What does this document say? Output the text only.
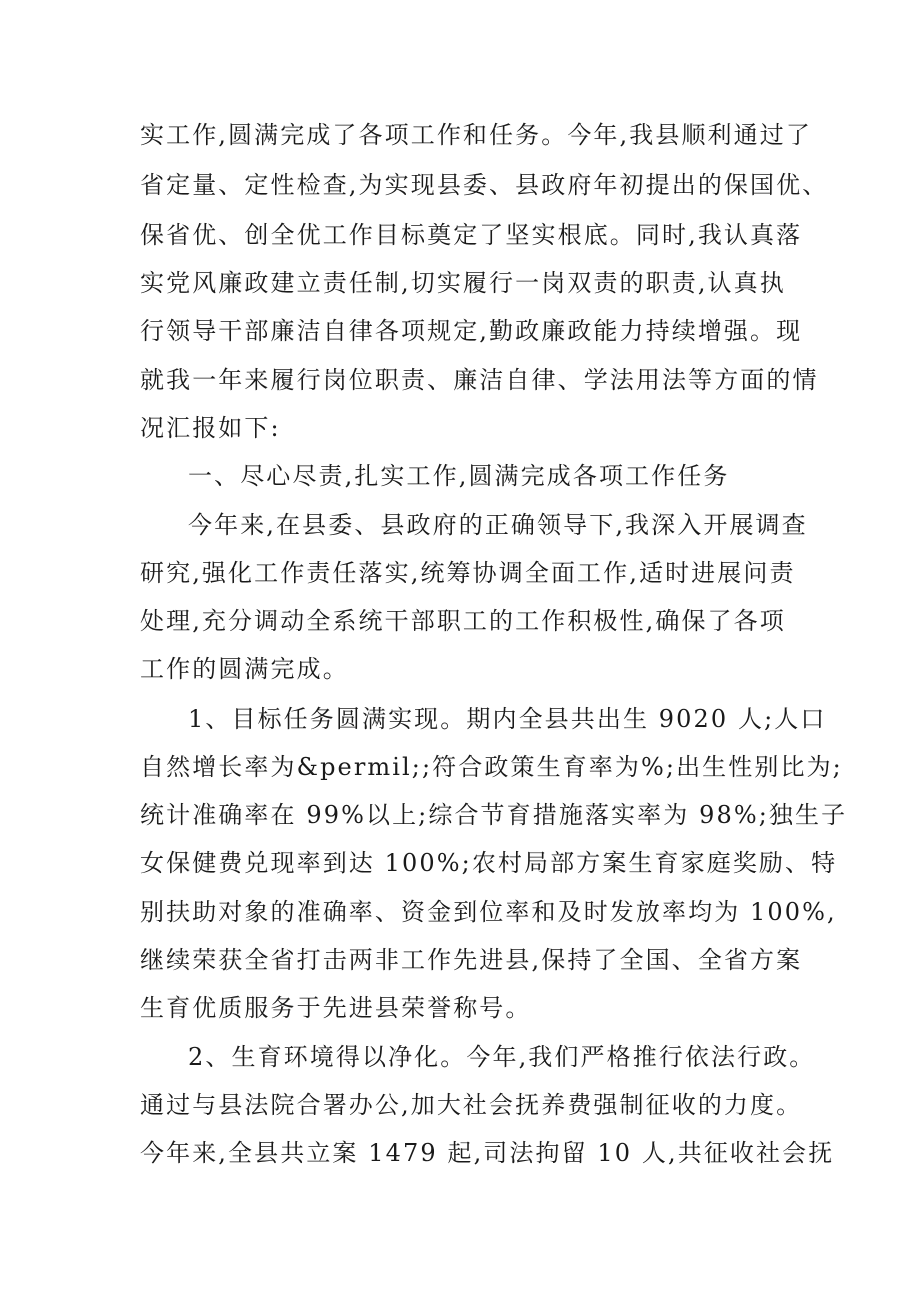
实工作,圆满完成了各项工作和任务。今年,我县顺利通过了
省定量、定性检查,为实现县委、县政府年初提出的保国优、
保省优、创全优工作目标奠定了坚实根底。同时,我认真落
实党风廉政建立责任制,切实履行一岗双责的职责,认真执
行领导干部廉洁自律各项规定,勤政廉政能力持续增强。现
就我一年来履行岗位职责、廉洁自律、学法用法等方面的情
况汇报如下:
一、尽心尽责,扎实工作,圆满完成各项工作任务
今年来,在县委、县政府的正确领导下,我深入开展调查
研究,强化工作责任落实,统筹协调全面工作,适时进展问责
处理,充分调动全系统干部职工的工作积极性,确保了各项
工作的圆满完成。
1、目标任务圆满实现。期内全县共出生 9020 人;人口
自然增长率为&permil;;符合政策生育率为%;出生性别比为;
统计准确率在 99%以上;综合节育措施落实率为 98%;独生子
女保健费兑现率到达 100%;农村局部方案生育家庭奖励、特
别扶助对象的准确率、资金到位率和及时发放率均为 100%,
继续荣获全省打击两非工作先进县,保持了全国、全省方案
生育优质服务于先进县荣誉称号。
2、生育环境得以净化。今年,我们严格推行依法行政。
通过与县法院合署办公,加大社会抚养费强制征收的力度。
今年来,全县共立案 1479 起,司法拘留 10 人,共征收社会抚
